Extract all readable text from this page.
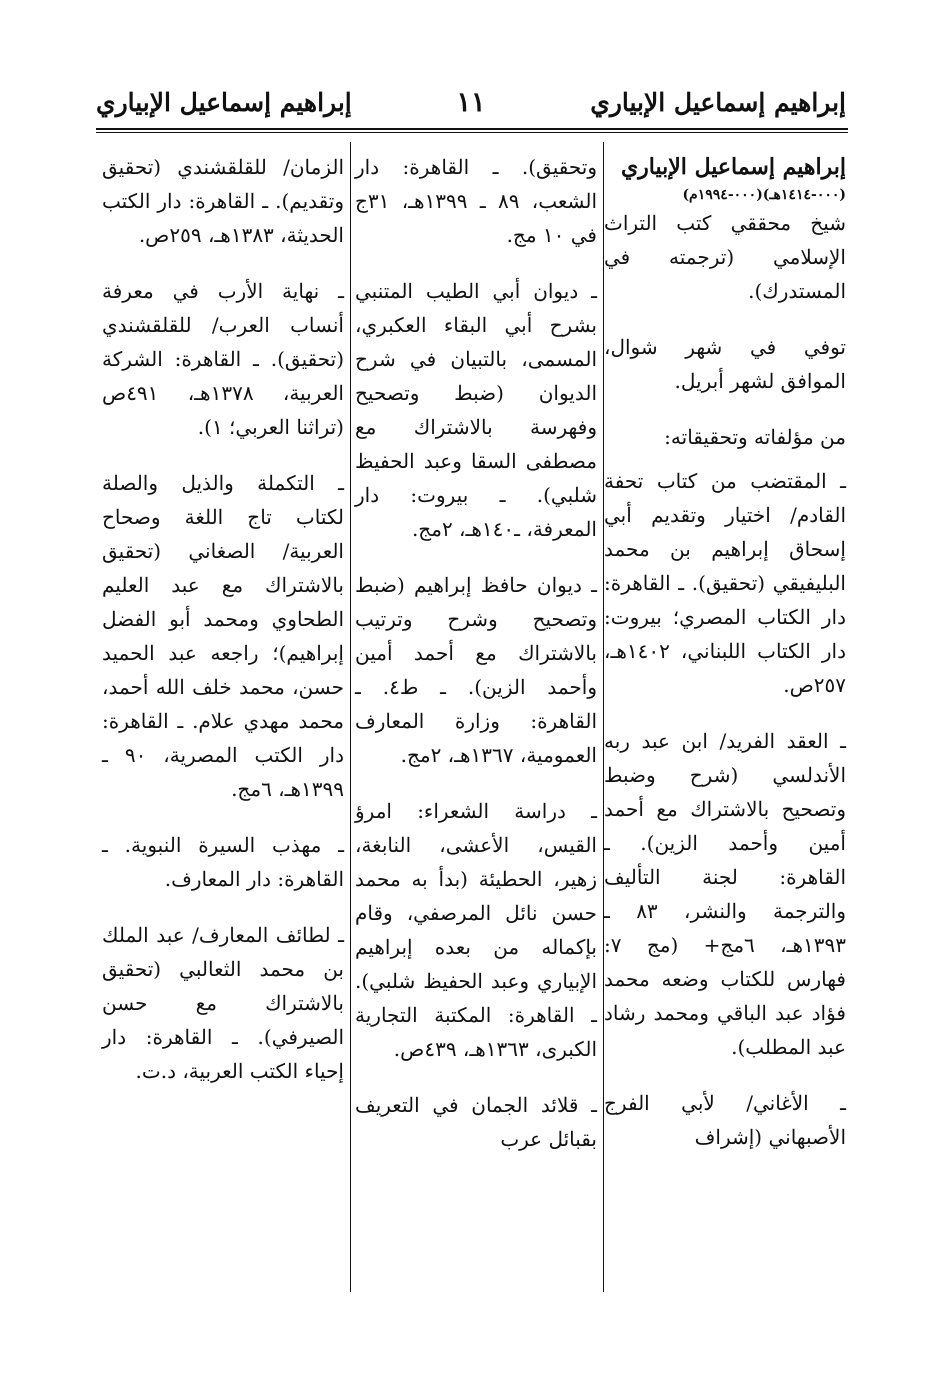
إبراهيم إسماعيل الإبياري
١١
إبراهيم إسماعيل الإبياري

إبراهيم إسماعيل الإبياري

(٠٠٠-١٤١٤هـ)(٠٠٠-١٩٩٤م)

شيخ محققي كتب التراث الإسلامي (ترجمته في المستدرك).

توفي في شهر شوال، الموافق لشهر أبريل.

من مؤلفاته وتحقيقاته:

ـ المقتضب من كتاب تحفة القادم/ اختيار وتقديم أبي إسحاق إبراهيم بن محمد البليفيقي (تحقيق). ـ القاهرة: دار الكتاب المصري؛ بيروت: دار الكتاب اللبناني، ١٤٠٢هـ، ٢٥٧ص.

ـ العقد الفريد/ ابن عبد ربه الأندلسي (شرح وضبط وتصحيح بالاشتراك مع أحمد أمين وأحمد الزين). ـ القاهرة: لجنة التأليف والترجمة والنشر، ٨٣ ـ ١٣٩٣هـ، ٦مج+ (مج ٧: فهارس للكتاب وضعه محمد فؤاد عبد الباقي ومحمد رشاد عبد المطلب).

ـ الأغاني/ لأبي الفرج الأصبهاني (إشراف

وتحقيق). ـ القاهرة: دار الشعب، ٨٩ ـ ١٣٩٩هـ، ٣١ج في ١٠ مج.

ـ ديوان أبي الطيب المتنبي بشرح أبي البقاء العكبري، المسمى، بالتبيان في شرح الديوان (ضبط وتصحيح وفهرسة بالاشتراك مع مصطفى السقا وعبد الحفيظ شلبي). ـ بيروت: دار المعرفة، ـ١٤٠هـ، ٢مج.

ـ ديوان حافظ إبراهيم (ضبط وتصحيح وشرح وترتيب بالاشتراك مع أحمد أمين وأحمد الزين). ـ ط٤. ـ القاهرة: وزارة المعارف العمومية، ١٣٦٧هـ، ٢مج.

ـ دراسة الشعراء: امرؤ القيس، الأعشى، النابغة، زهير، الحطيئة (بدأ به محمد حسن نائل المرصفي، وقام بإكماله من بعده إبراهيم الإبياري وعبد الحفيظ شلبي). ـ القاهرة: المكتبة التجارية الكبرى، ١٣٦٣هـ، ٤٣٩ص.

ـ قلائد الجمان في التعريف بقبائل عرب

الزمان/ للقلقشندي (تحقيق وتقديم). ـ القاهرة: دار الكتب الحديثة، ١٣٨٣هـ، ٢٥٩ص.

ـ نهاية الأرب في معرفة أنساب العرب/ للقلقشندي (تحقيق). ـ القاهرة: الشركة العربية، ١٣٧٨هـ، ٤٩١ص (تراثنا العربي؛ ١).

ـ التكملة والذيل والصلة لكتاب تاج اللغة وصحاح العربية/ الصغاني (تحقيق بالاشتراك مع عبد العليم الطحاوي ومحمد أبو الفضل إبراهيم)؛ راجعه عبد الحميد حسن، محمد خلف الله أحمد، محمد مهدي علام. ـ القاهرة: دار الكتب المصرية، ٩٠ ـ ١٣٩٩هـ، ٦مج.

ـ مهذب السيرة النبوية. ـ القاهرة: دار المعارف.

ـ لطائف المعارف/ عبد الملك بن محمد الثعالبي (تحقيق بالاشتراك مع حسن الصيرفي). ـ القاهرة: دار إحياء الكتب العربية، د.ت.
